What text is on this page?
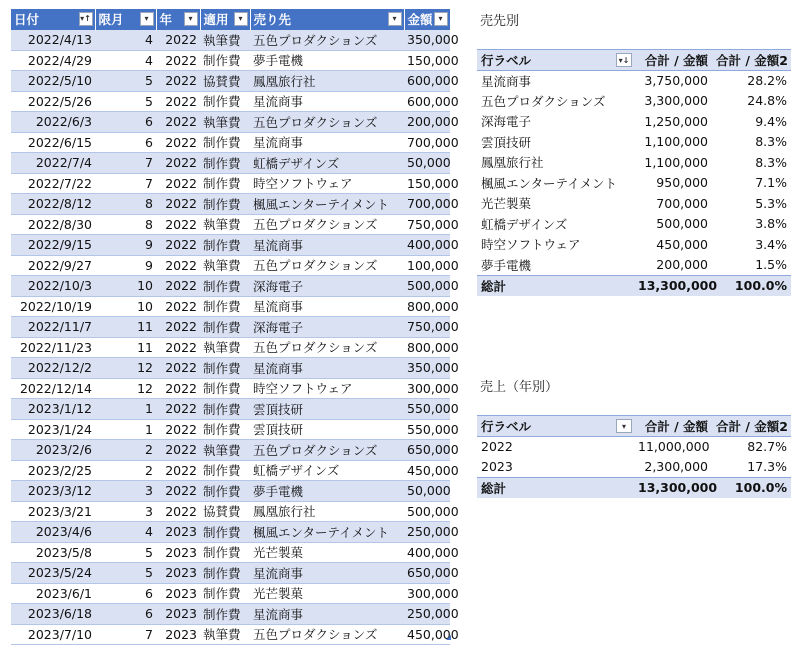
日付 ▾↑	限月 ▾	年 ▾	適用 ▾	売り先 ▾	金額 ▾

2022/4/13	4	2022	執筆費	五色プロダクションズ	350,000
2022/4/29	4	2022	制作費	夢手電機	150,000
2022/5/10	5	2022	協賛費	鳳凰旅行社	600,000
2022/5/26	5	2022	制作費	星流商事	600,000
2022/6/3	6	2022	執筆費	五色プロダクションズ	200,000
2022/6/15	6	2022	制作費	星流商事	700,000
2022/7/4	7	2022	制作費	虹橋デザインズ	50,000
2022/7/22	7	2022	制作費	時空ソフトウェア	150,000
2022/8/12	8	2022	制作費	楓風エンターテイメント	700,000
2022/8/30	8	2022	執筆費	五色プロダクションズ	750,000
2022/9/15	9	2022	制作費	星流商事	400,000
2022/9/27	9	2022	執筆費	五色プロダクションズ	100,000
2022/10/3	10	2022	制作費	深海電子	500,000
2022/10/19	10	2022	制作費	星流商事	800,000
2022/11/7	11	2022	制作費	深海電子	750,000
2022/11/23	11	2022	執筆費	五色プロダクションズ	800,000
2022/12/2	12	2022	制作費	星流商事	350,000
2022/12/14	12	2022	制作費	時空ソフトウェア	300,000
2023/1/12	1	2022	制作費	雲頂技研	550,000
2023/1/24	1	2022	制作費	雲頂技研	550,000
2023/2/6	2	2022	執筆費	五色プロダクションズ	650,000
2023/2/25	2	2022	制作費	虹橋デザインズ	450,000
2023/3/12	3	2022	制作費	夢手電機	50,000
2023/3/21	3	2022	協賛費	鳳凰旅行社	500,000
2023/4/6	4	2023	制作費	楓風エンターテイメント	250,000
2023/5/8	5	2023	制作費	光芒製菓	400,000
2023/5/24	5	2023	制作費	星流商事	650,000
2023/6/1	6	2023	制作費	光芒製菓	300,000
2023/6/18	6	2023	制作費	星流商事	250,000
2023/7/10	7	2023	執筆費	五色プロダクションズ	450,000
売先別
行ラベル ▾↓	合計 / 金額	合計 / 金額2
星流商事	3,750,000	28.2%
五色プロダクションズ	3,300,000	24.8%
深海電子	1,250,000	9.4%
雲頂技研	1,100,000	8.3%
鳳凰旅行社	1,100,000	8.3%
楓風エンターテイメント	950,000	7.1%
光芒製菓	700,000	5.3%
虹橋デザインズ	500,000	3.8%
時空ソフトウェア	450,000	3.4%
夢手電機	200,000	1.5%
総計	13,300,000	100.0%
売上（年別）
行ラベル ▾	合計 / 金額	合計 / 金額2
2022	11,000,000	82.7%
2023	2,300,000	17.3%
総計	13,300,000	100.0%
